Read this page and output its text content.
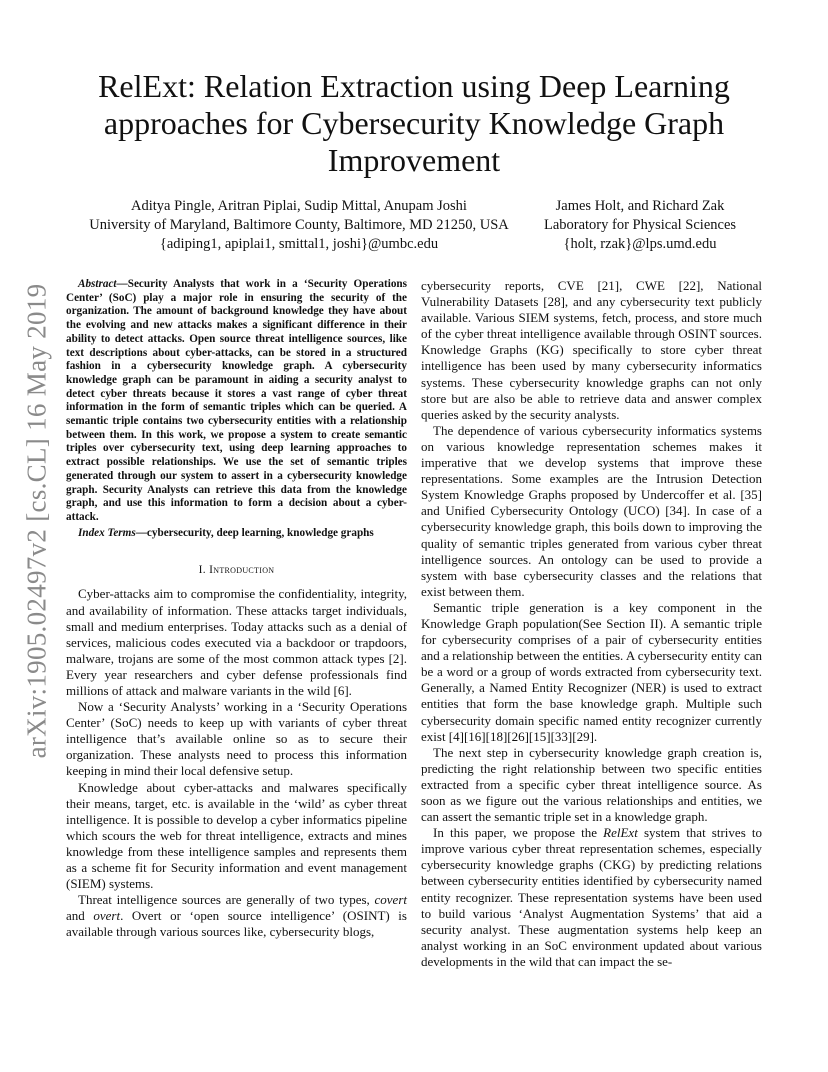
arXiv:1905.02497v2 [cs.CL] 16 May 2019
RelExt: Relation Extraction using Deep Learning approaches for Cybersecurity Knowledge Graph Improvement
Aditya Pingle, Aritran Piplai, Sudip Mittal, Anupam Joshi
University of Maryland, Baltimore County, Baltimore, MD 21250, USA
{adiping1, apiplai1, smittal1, joshi}@umbc.edu
James Holt, and Richard Zak
Laboratory for Physical Sciences
{holt, rzak}@lps.umd.edu

Abstract—Security Analysts that work in a ‘Security Operations Center’ (SoC) play a major role in ensuring the security of the organization. The amount of background knowledge they have about the evolving and new attacks makes a significant difference in their ability to detect attacks. Open source threat intelligence sources, like text descriptions about cyber-attacks, can be stored in a structured fashion in a cybersecurity knowledge graph. A cybersecurity knowledge graph can be paramount in aiding a security analyst to detect cyber threats because it stores a vast range of cyber threat information in the form of semantic triples which can be queried. A semantic triple contains two cybersecurity entities with a relationship between them. In this work, we propose a system to create semantic triples over cybersecurity text, using deep learning approaches to extract possible relationships. We use the set of semantic triples generated through our system to assert in a cybersecurity knowledge graph. Security Analysts can retrieve this data from the knowledge graph, and use this information to form a decision about a cyber-attack.

Index Terms—cybersecurity, deep learning, knowledge graphs

I. Introduction

Cyber-attacks aim to compromise the confidentiality, integrity, and availability of information. These attacks target individuals, small and medium enterprises. Today attacks such as a denial of services, malicious codes executed via a backdoor or trapdoors, malware, trojans are some of the most common attack types [2]. Every year researchers and cyber defense professionals find millions of attack and malware variants in the wild [6].

Now a ‘Security Analysts’ working in a ‘Security Operations Center’ (SoC) needs to keep up with variants of cyber threat intelligence that’s available online so as to secure their organization. These analysts need to process this information keeping in mind their local defensive setup.

Knowledge about cyber-attacks and malwares specifically their means, target, etc. is available in the ‘wild’ as cyber threat intelligence. It is possible to develop a cyber informatics pipeline which scours the web for threat intelligence, extracts and mines knowledge from these intelligence samples and represents them as a scheme fit for Security information and event management (SIEM) systems.

Threat intelligence sources are generally of two types, covert and overt. Overt or ‘open source intelligence’ (OSINT) is available through various sources like, cybersecurity blogs,

cybersecurity reports, CVE [21], CWE [22], National Vulnerability Datasets [28], and any cybersecurity text publicly available. Various SIEM systems, fetch, process, and store much of the cyber threat intelligence available through OSINT sources. Knowledge Graphs (KG) specifically to store cyber threat intelligence has been used by many cybersecurity informatics systems. These cybersecurity knowledge graphs can not only store but are also be able to retrieve data and answer complex queries asked by the security analysts.

The dependence of various cybersecurity informatics systems on various knowledge representation schemes makes it imperative that we develop systems that improve these representations. Some examples are the Intrusion Detection System Knowledge Graphs proposed by Undercoffer et al. [35] and Unified Cybersecurity Ontology (UCO) [34]. In case of a cybersecurity knowledge graph, this boils down to improving the quality of semantic triples generated from various cyber threat intelligence sources. An ontology can be used to provide a system with base cybersecurity classes and the relations that exist between them.

Semantic triple generation is a key component in the Knowledge Graph population(See Section II). A semantic triple for cybersecurity comprises of a pair of cybersecurity entities and a relationship between the entities. A cybersecurity entity can be a word or a group of words extracted from cybersecurity text. Generally, a Named Entity Recognizer (NER) is used to extract entities that form the base knowledge graph. Multiple such cybersecurity domain specific named entity recognizer currently exist [4][16][18][26][15][33][29].

The next step in cybersecurity knowledge graph creation is, predicting the right relationship between two specific entities extracted from a specific cyber threat intelligence source. As soon as we figure out the various relationships and entities, we can assert the semantic triple set in a knowledge graph.

In this paper, we propose the RelExt system that strives to improve various cyber threat representation schemes, especially cybersecurity knowledge graphs (CKG) by predicting relations between cybersecurity entities identified by cybersecurity named entity recognizer. These representation systems have been used to build various ‘Analyst Augmentation Systems’ that aid a security analyst. These augmentation systems help keep an analyst working in an SoC environment updated about various developments in the wild that can impact the se-
